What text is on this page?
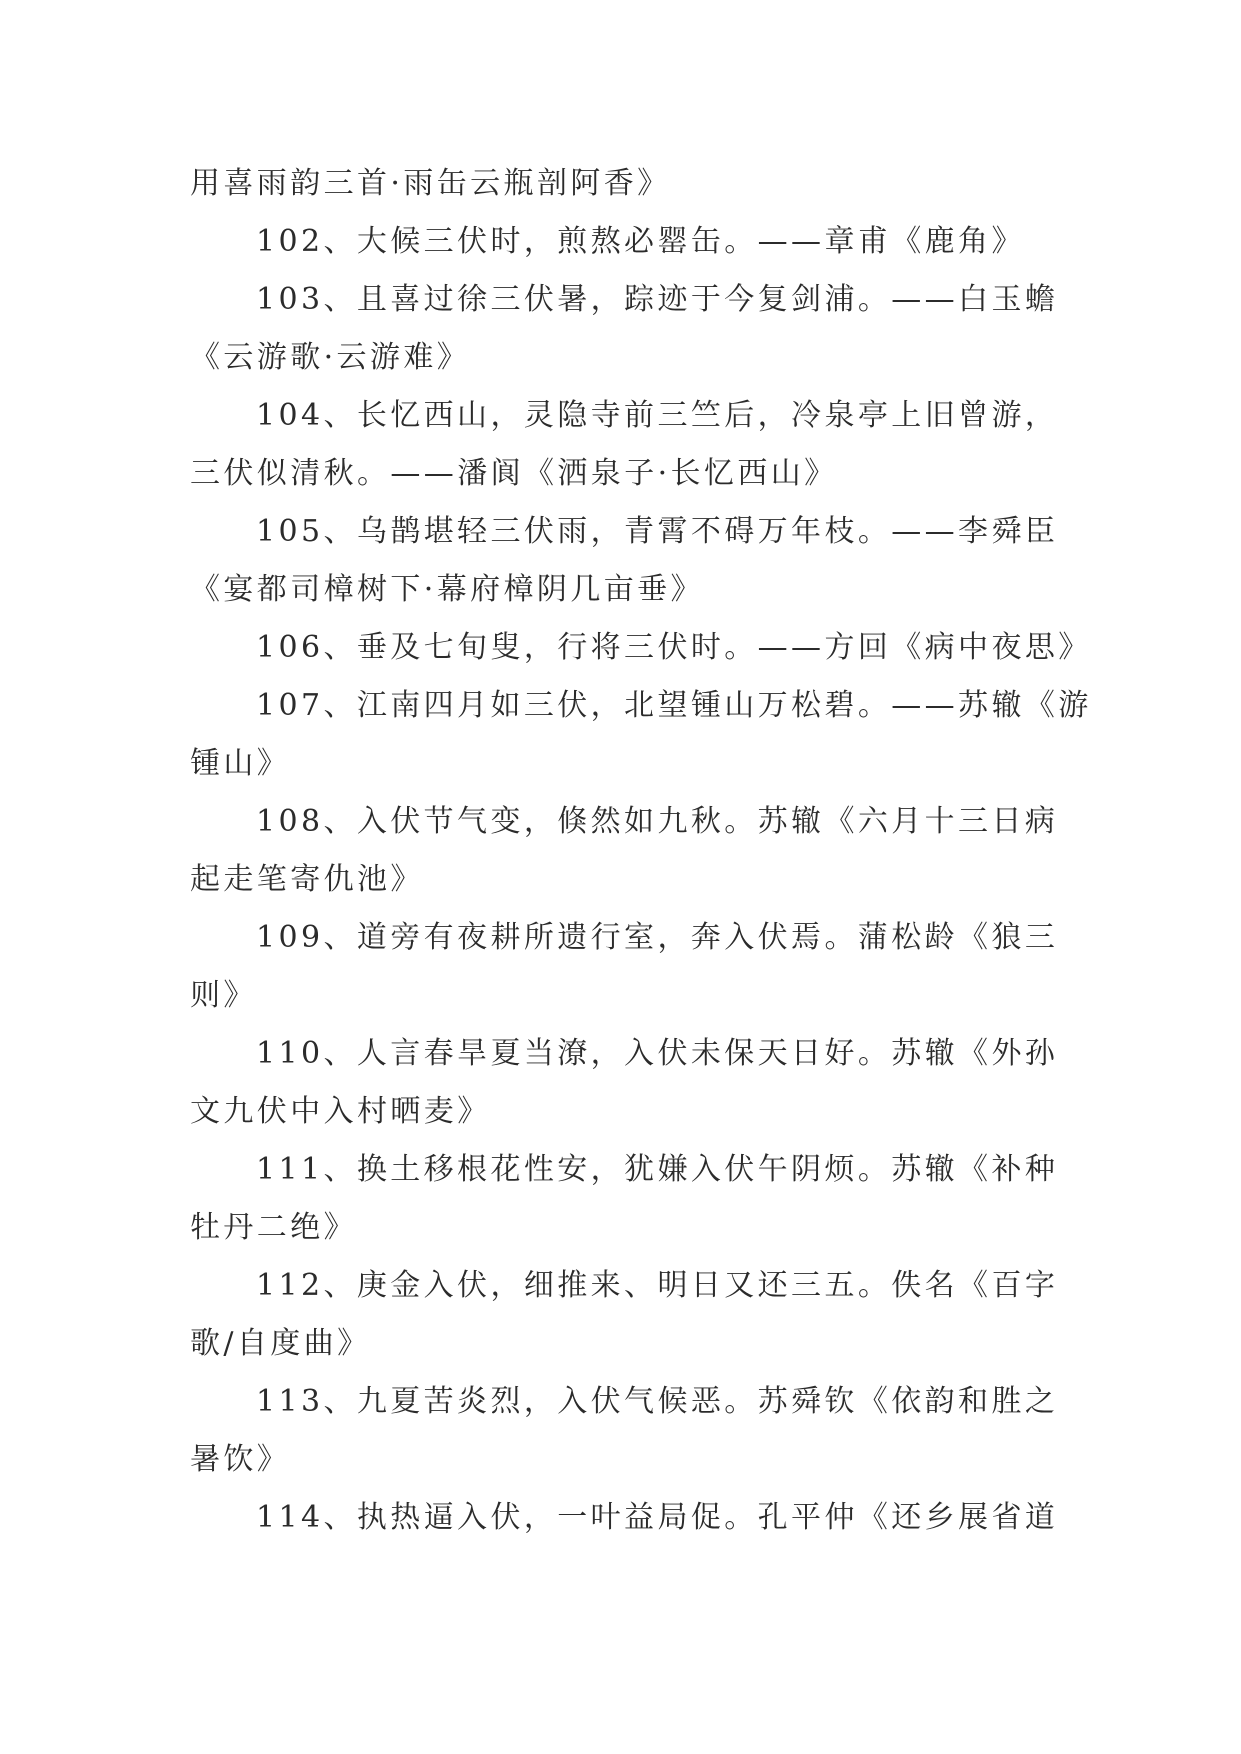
用喜雨韵三首·雨缶云瓶剖阿香》
102、大候三伏时，煎熬必罂缶。——章甫《鹿角》
103、且喜过徐三伏暑，踪迹于今复剑浦。——白玉蟾
《云游歌·云游难》
104、长忆西山，灵隐寺前三竺后，冷泉亭上旧曾游，
三伏似清秋。——潘阆《洒泉子·长忆西山》
105、乌鹊堪轻三伏雨，青霄不碍万年枝。——李舜臣
《宴都司樟树下·幕府樟阴几亩垂》
106、垂及七旬叟，行将三伏时。——方回《病中夜思》
107、江南四月如三伏，北望锺山万松碧。——苏辙《游
锺山》
108、入伏节气变，倏然如九秋。苏辙《六月十三日病
起走笔寄仇池》
109、道旁有夜耕所遗行室，奔入伏焉。蒲松龄《狼三
则》
110、人言春旱夏当潦，入伏未保天日好。苏辙《外孙
文九伏中入村晒麦》
111、换土移根花性安，犹嫌入伏午阴烦。苏辙《补种
牡丹二绝》
112、庚金入伏，细推来、明日又还三五。佚名《百字
歌/自度曲》
113、九夏苦炎烈，入伏气候恶。苏舜钦《依韵和胜之
暑饮》
114、执热逼入伏，一叶益局促。孔平仲《还乡展省道
